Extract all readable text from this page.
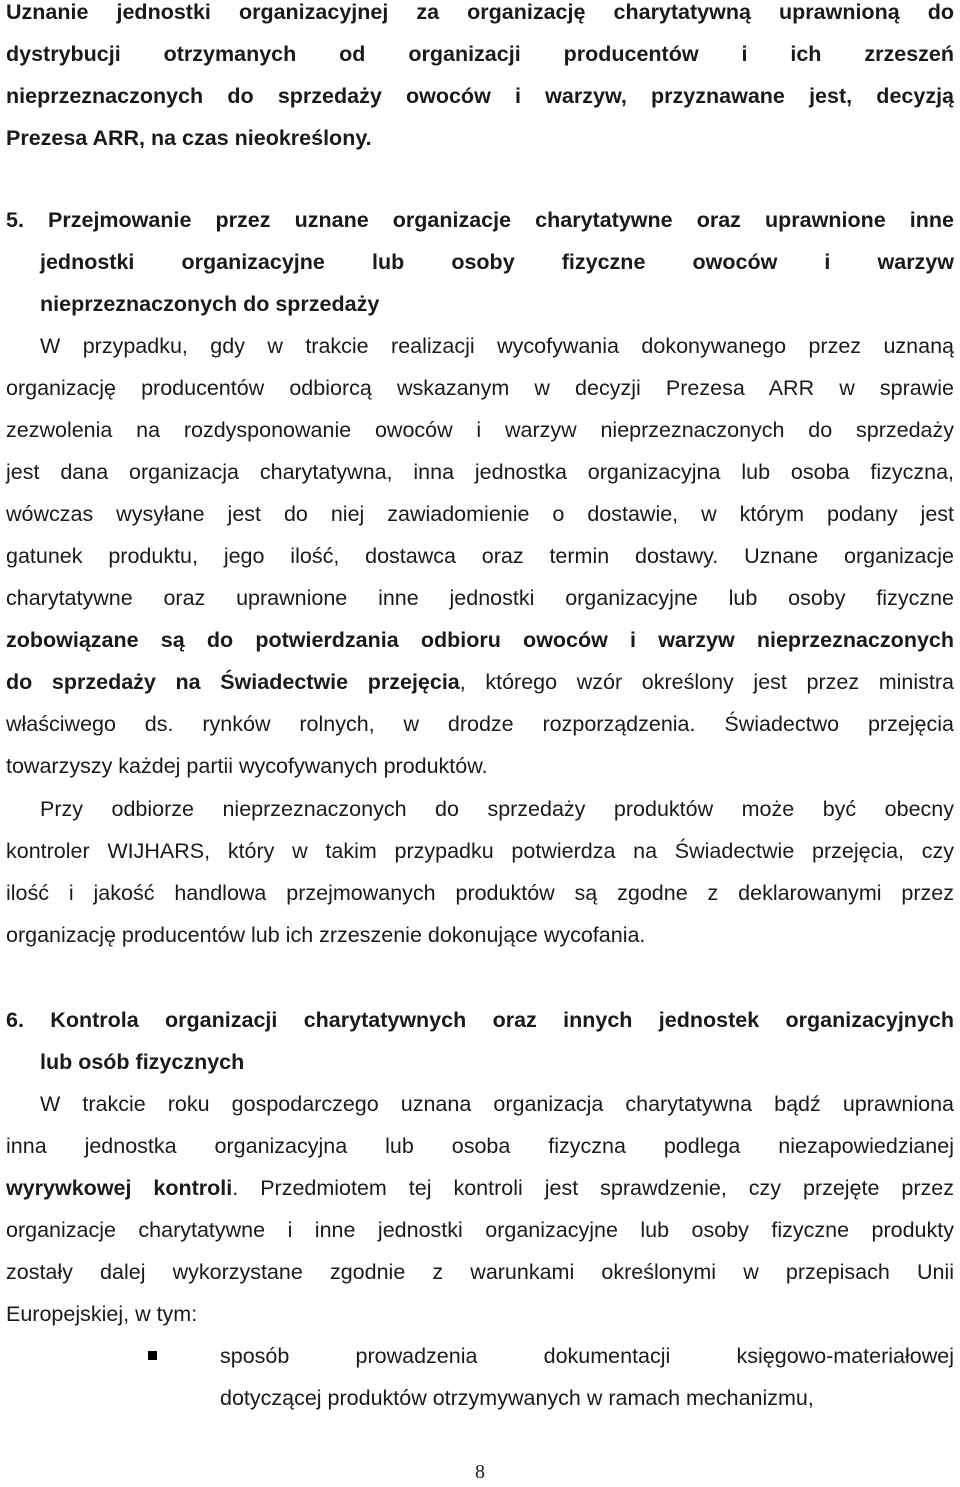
Uznanie jednostki organizacyjnej za organizację charytatywną uprawnioną do
dystrybucji otrzymanych od organizacji producentów i ich zrzeszeń
nieprzeznaczonych do sprzedaży owoców i warzyw, przyznawane jest, decyzją
Prezesa ARR, na czas nieokreślony.
5. Przejmowanie przez uznane organizacje charytatywne oraz uprawnione inne
jednostki organizacyjne lub osoby fizyczne owoców i warzyw
nieprzeznaczonych do sprzedaży
W przypadku, gdy w trakcie realizacji wycofywania dokonywanego przez uznaną
organizację producentów odbiorcą wskazanym w decyzji Prezesa ARR w sprawie
zezwolenia na rozdysponowanie owoców i warzyw nieprzeznaczonych do sprzedaży
jest dana organizacja charytatywna, inna jednostka organizacyjna lub osoba fizyczna,
wówczas wysyłane jest do niej zawiadomienie o dostawie, w którym podany jest
gatunek produktu, jego ilość, dostawca oraz termin dostawy. Uznane organizacje
charytatywne oraz uprawnione inne jednostki organizacyjne lub osoby fizyczne
zobowiązane są do potwierdzania odbioru owoców i warzyw nieprzeznaczonych
do sprzedaży na Świadectwie przejęcia, którego wzór określony jest przez ministra
właściwego ds. rynków rolnych, w drodze rozporządzenia. Świadectwo przejęcia
towarzyszy każdej partii wycofywanych produktów.
Przy odbiorze nieprzeznaczonych do sprzedaży produktów może być obecny
kontroler WIJHARS, który w takim przypadku potwierdza na Świadectwie przejęcia, czy
ilość i jakość handlowa przejmowanych produktów są zgodne z deklarowanymi przez
organizację producentów lub ich zrzeszenie dokonujące wycofania.
6. Kontrola organizacji charytatywnych oraz innych jednostek organizacyjnych
lub osób fizycznych
W trakcie roku gospodarczego uznana organizacja charytatywna bądź uprawniona
inna jednostka organizacyjna lub osoba fizyczna podlega niezapowiedzianej
wyrywkowej kontroli. Przedmiotem tej kontroli jest sprawdzenie, czy przejęte przez
organizacje charytatywne i inne jednostki organizacyjne lub osoby fizyczne produkty
zostały dalej wykorzystane zgodnie z warunkami określonymi w przepisach Unii
Europejskiej, w tym:
sposób prowadzenia dokumentacji księgowo-materiałowej
dotyczącej produktów otrzymywanych w ramach mechanizmu,
8
